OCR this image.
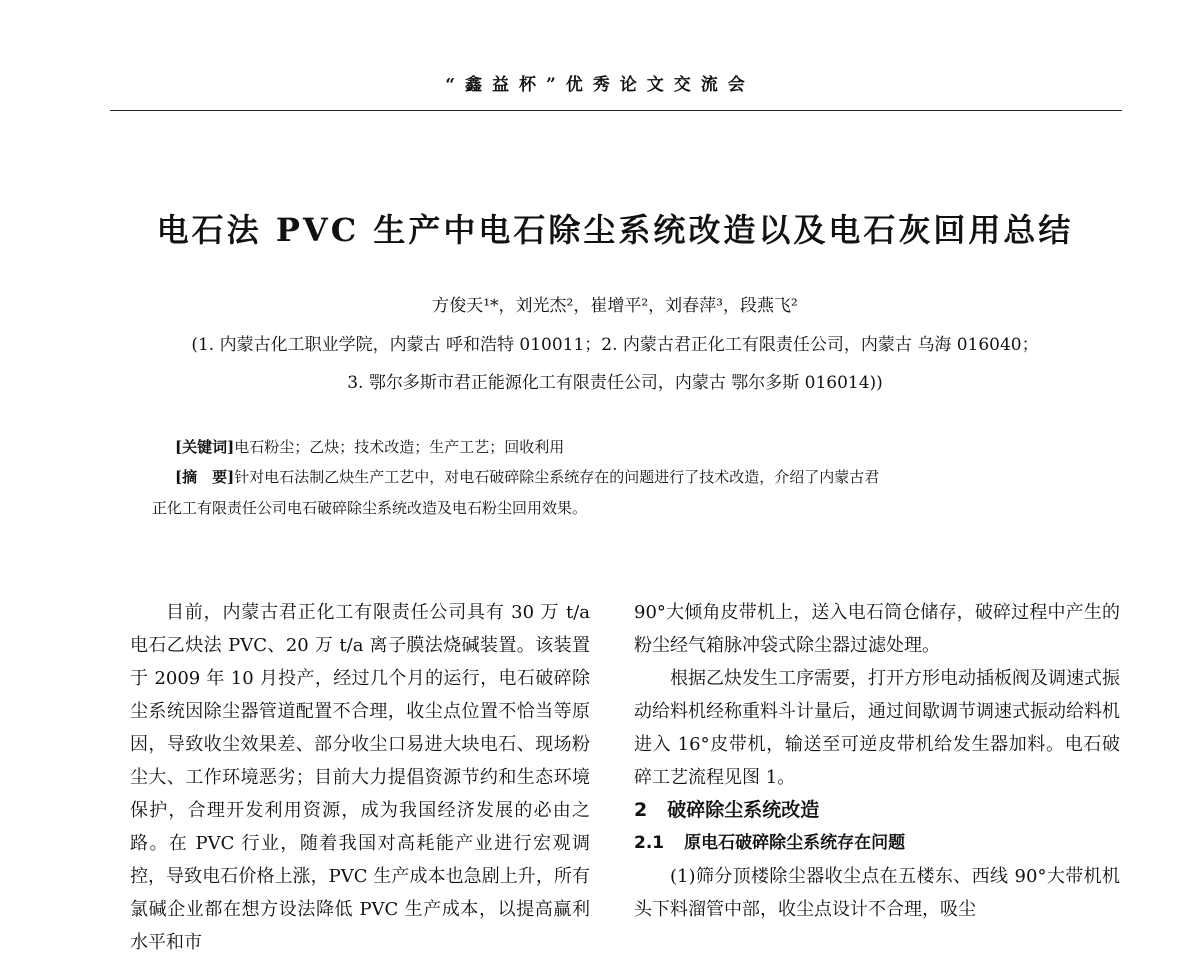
“鑫益杯”优秀论文交流会
电石法 PVC 生产中电石除尘系统改造以及电石灰回用总结
方俊天¹*，刘光杰²，崔增平²，刘春萍³，段燕飞²
(1. 内蒙古化工职业学院，内蒙古 呼和浩特 010011；2. 内蒙古君正化工有限责任公司，内蒙古 乌海 016040；
3. 鄂尔多斯市君正能源化工有限责任公司，内蒙古 鄂尔多斯 016014))
[关键词]电石粉尘；乙炔；技术改造；生产工艺；回收利用
[摘　要]针对电石法制乙炔生产工艺中，对电石破碎除尘系统存在的问题进行了技术改造，介绍了内蒙古君
正化工有限责任公司电石破碎除尘系统改造及电石粉尘回用效果。

目前，内蒙古君正化工有限责任公司具有 30 万 t/a 电石乙炔法 PVC、20 万 t/a 离子膜法烧碱装置。该装置于 2009 年 10 月投产，经过几个月的运行，电石破碎除尘系统因除尘器管道配置不合理，收尘点位置不恰当等原因，导致收尘效果差、部分收尘口易进大块电石、现场粉尘大、工作环境恶劣；目前大力提倡资源节约和生态环境保护，合理开发利用资源，成为我国经济发展的必由之路。在 PVC 行业，随着我国对高耗能产业进行宏观调控，导致电石价格上涨，PVC 生产成本也急剧上升，所有氯碱企业都在想方设法降低 PVC 生产成本，以提高赢利水平和市

90°大倾角皮带机上，送入电石筒仓储存，破碎过程中产生的粉尘经气箱脉冲袋式除尘器过滤处理。

根据乙炔发生工序需要，打开方形电动插板阀及调速式振动给料机经称重料斗计量后，通过间歇调节调速式振动给料机进入 16°皮带机，输送至可逆皮带机给发生器加料。电石破碎工艺流程见图 1。

2 破碎除尘系统改造

2.1 原电石破碎除尘系统存在问题

(1)筛分顶楼除尘器收尘点在五楼东、西线 90°大带机机头下料溜管中部，收尘点设计不合理，吸尘
